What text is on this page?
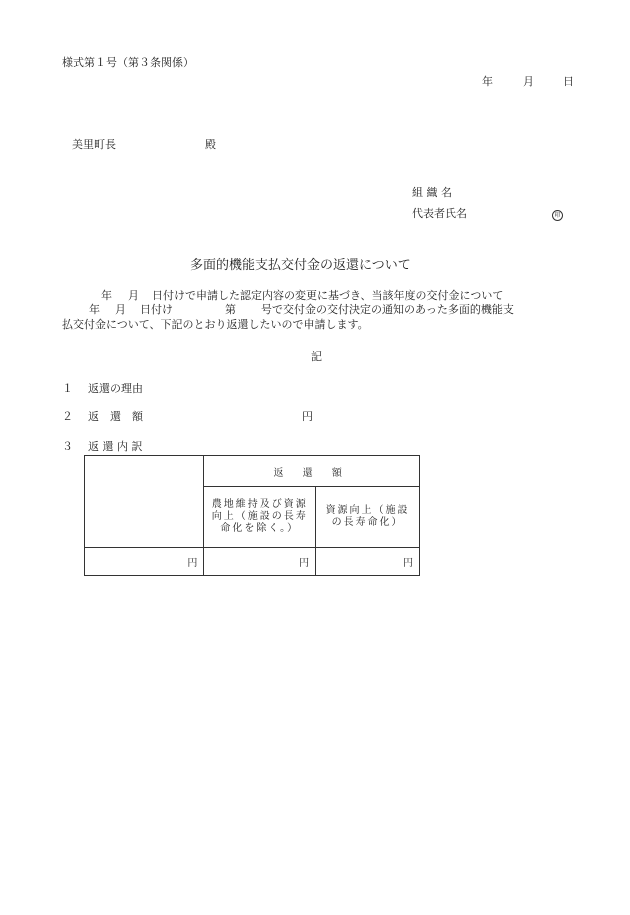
様式第１号（第３条関係）
年	月	日
美里町長	殿
組 織 名
代表者氏名	印
多面的機能支払交付金の返還について
年 月 日付けで申請した認定内容の変更に基づき、当該年度の交付金について
年 月 日付け	第 号で交付金の交付決定の通知のあった多面的機能支
払交付金について、下記のとおり返還したいので申請します。
記
１ 返還の理由
２ 返　還　額	円
３ 返 還 内 訳
	返 還 額	
	農地維持及び資源向上（施設の長寿命化を除く。）	資源向上（施設の長寿命化）
円	円	円
